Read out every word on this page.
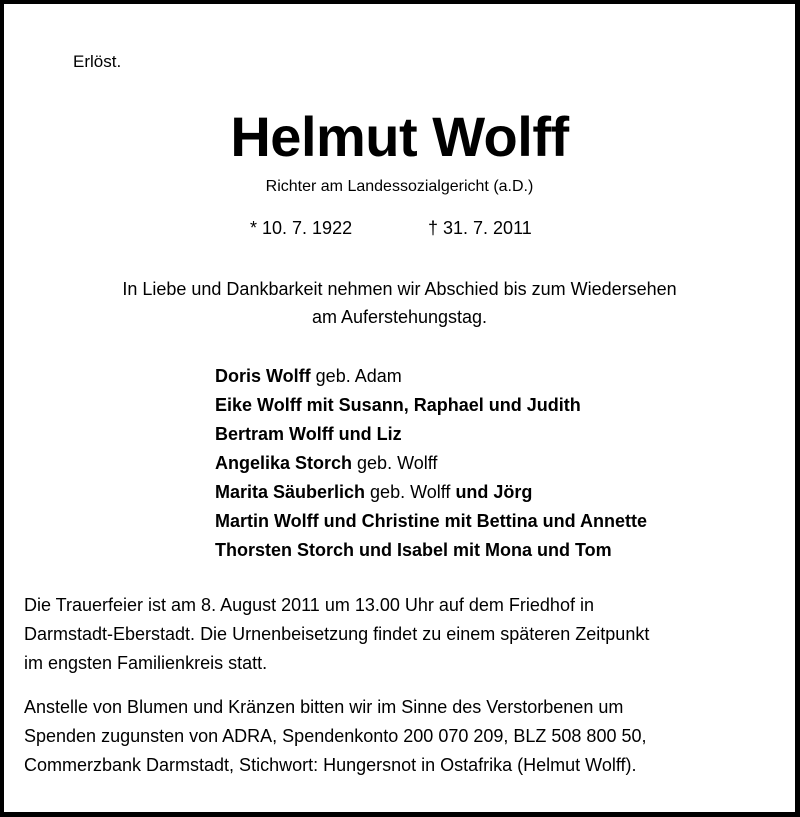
Erlöst.
Helmut Wolff
Richter am Landessozialgericht (a.D.)
* 10. 7. 1922	† 31. 7. 2011
In Liebe und Dankbarkeit nehmen wir Abschied bis zum Wiedersehen
am Auferstehungstag.
Doris Wolff geb. Adam
Eike Wolff mit Susann, Raphael und Judith
Bertram Wolff und Liz
Angelika Storch geb. Wolff
Marita Säuberlich geb. Wolff und Jörg
Martin Wolff und Christine mit Bettina und Annette
Thorsten Storch und Isabel mit Mona und Tom
Die Trauerfeier ist am 8. August 2011 um 13.00 Uhr auf dem Friedhof in
Darmstadt-Eberstadt. Die Urnenbeisetzung findet zu einem späteren Zeitpunkt
im engsten Familienkreis statt.
Anstelle von Blumen und Kränzen bitten wir im Sinne des Verstorbenen um
Spenden zugunsten von ADRA, Spendenkonto 200 070 209, BLZ 508 800 50,
Commerzbank Darmstadt, Stichwort: Hungersnot in Ostafrika (Helmut Wolff).
